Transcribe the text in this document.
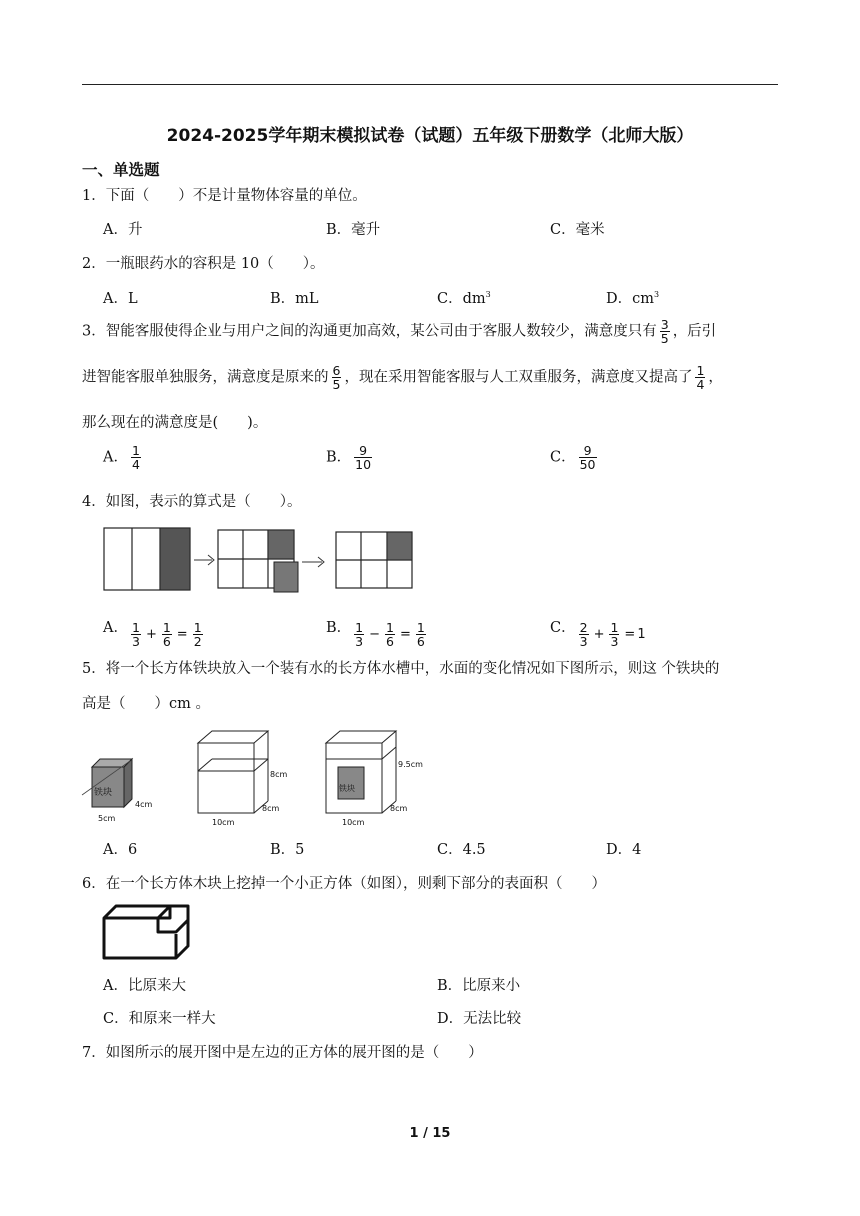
2024-2025学年期末模拟试卷（试题）五年级下册数学（北师大版）
一、单选题
1．下面（　　）不是计量物体容量的单位。
A．升	B．毫升	C．毫米
2．一瓶眼药水的容积是 10（　　）。
A．L	B．mL	C．$dm^3$	D．$cm^3$
3．智能客服使得企业与用户之间的沟通更加高效，某公司由于客服人数较少，满意度只有 $\frac{3}{5}$ ，后引
进智能客服单独服务，满意度是原来的 $\frac{6}{5}$ ，现在采用智能客服与人工双重服务，满意度又提高了 $\frac{1}{4}$ ，
那么现在的满意度是(　　)。
A． $\frac{1}{4}$	B． $\frac{9}{10}$	C． $\frac{9}{50}$
4．如图，表示的算式是（　　）。
A． $\frac{1}{3} + \frac{1}{6} = \frac{1}{2}$	B． $\frac{1}{3} - \frac{1}{6} = \frac{1}{6}$	C． $\frac{2}{3} + \frac{1}{3} = 1$
5．将一个长方体铁块放入一个装有水的长方体水槽中，水面的变化情况如下图所示，则这 个铁块的
高是（　　）cm 。
铁块
5cm
4cm
8cm
10cm
8cm
铁块
9.5cm
10cm
8cm
A．6	B．5	C．4.5	D．4
6．在一个长方体木块上挖掉一个小正方体（如图），则剩下部分的表面积（　　）
A．比原来大	B．比原来小
C．和原来一样大	D．无法比较
7．如图所示的展开图中是左边的正方体的展开图的是（　　）
1 / 15
